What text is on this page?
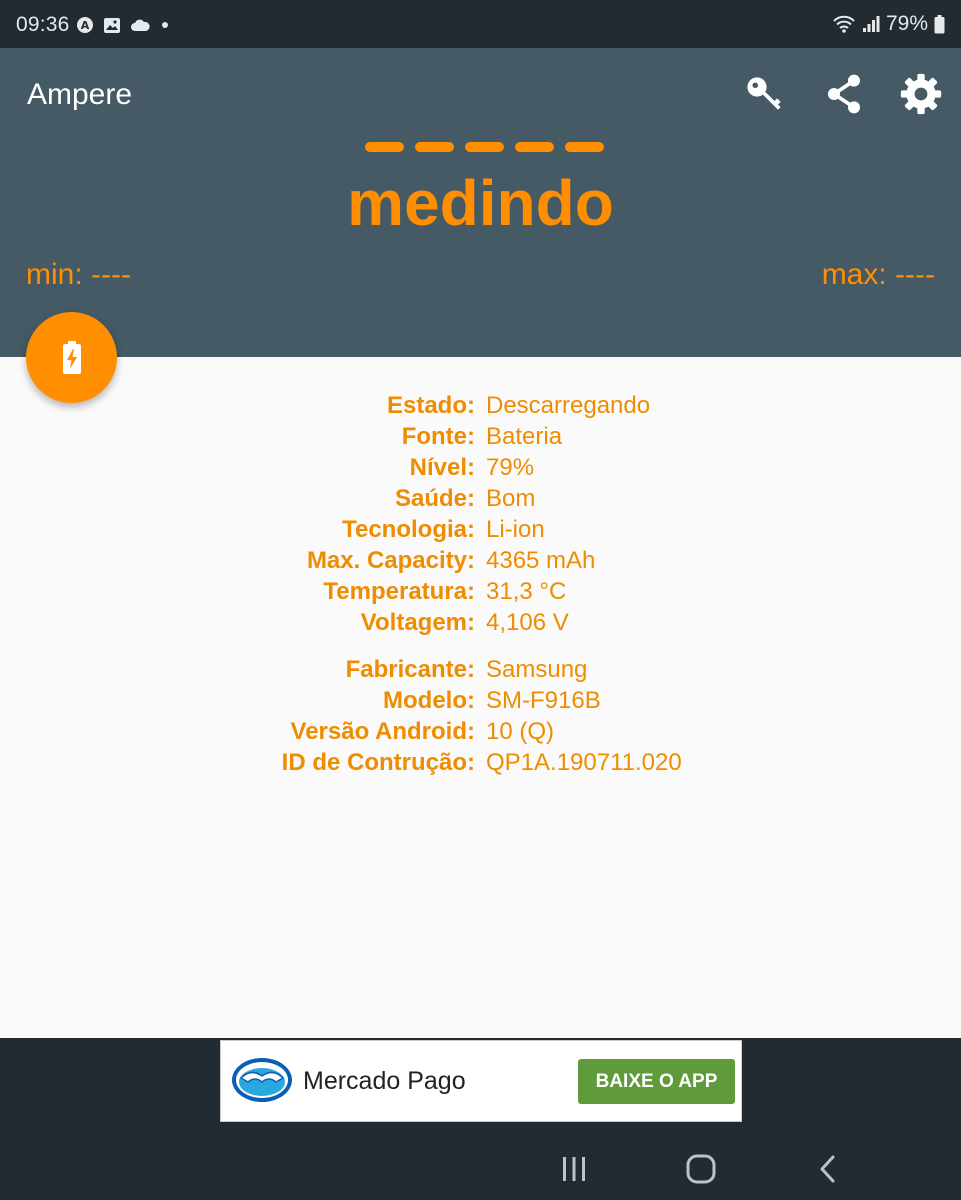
09:36 A	79%
Ampere
medindo
min: ----	max: ----
Estado: Descarregando
Fonte: Bateria
Nível: 79%
Saúde: Bom
Tecnologia: Li-ion
Max. Capacity: 4365 mAh
Temperatura: 31,3 °C
Voltagem: 4,106 V
Fabricante: Samsung
Modelo: SM-F916B
Versão Android: 10 (Q)
ID de Contrução: QP1A.190711.020
Mercado Pago	BAIXE O APP
